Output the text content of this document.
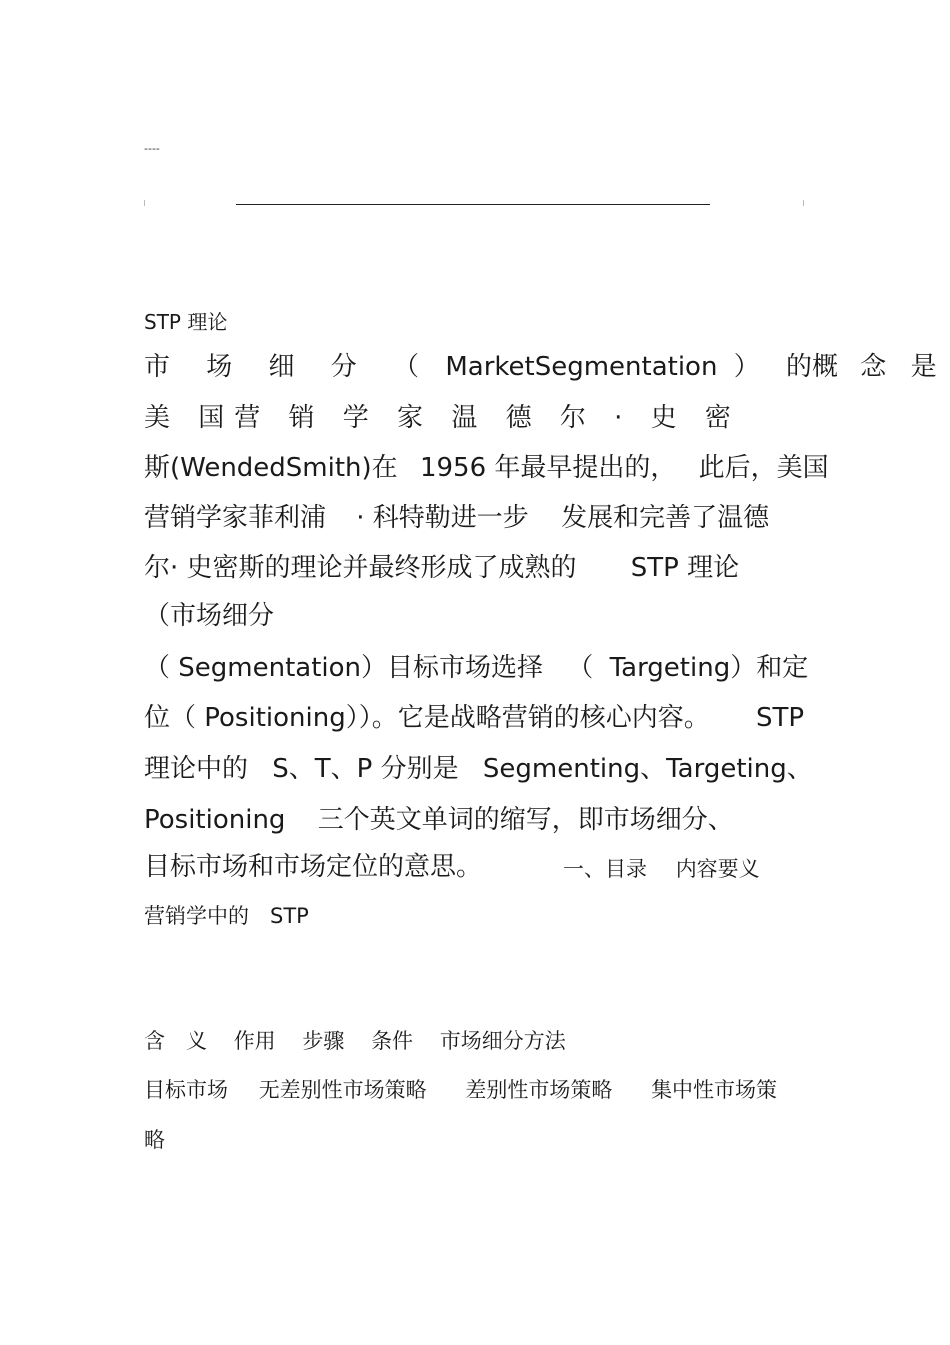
----
STP 理论
市 场 细 分 （ MarketSegmentation ） 的概 念 是
美 国营 销 学 家 温 德 尔 · 史 密
斯(WendedSmith)在 1956 年最早提出的， 此后，美国
营销学家菲利浦 · 科特勒进一步 发展和完善了温德
尔· 史密斯的理论并最终形成了成熟的 STP 理论
（市场细分
（ Segmentation）目标市场选择 （ Targeting）和定
位（ Positioning））。它是战略营销的核心内容。 STP
理论中的 S、T、P 分别是 Segmenting、Targeting、
Positioning 三个英文单词的缩写，即市场细分、
目标市场和市场定位的意思。	一、目录 内容要义
营销学中的　STP
含　义 作用 步骤 条件 市场细分方法
目标市场 无差别性市场策略 差别性市场策略 集中性市场策
略
